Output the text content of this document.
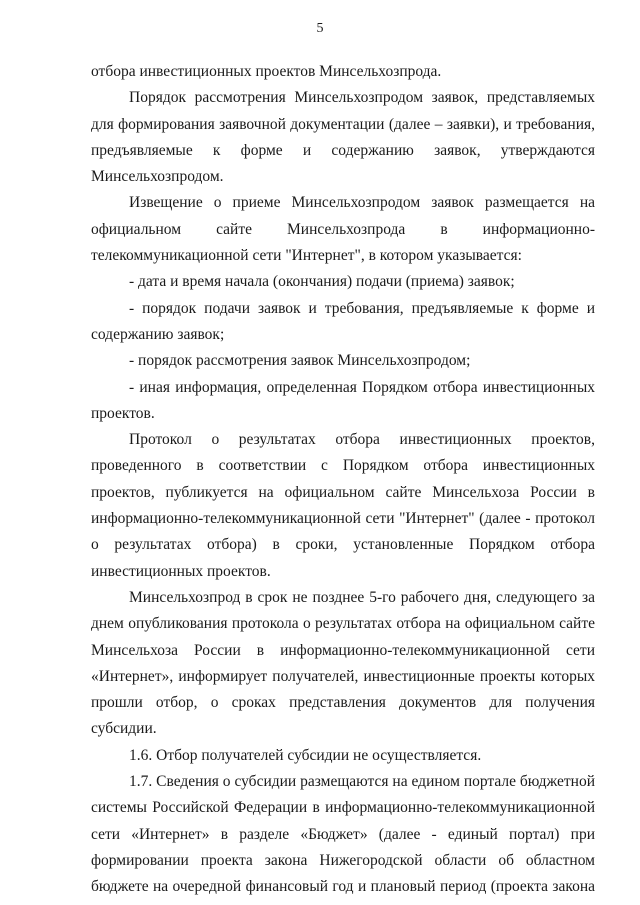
5

отбора инвестиционных проектов Минсельхозпрода.

Порядок рассмотрения Минсельхозпродом заявок, представляемых для формирования заявочной документации (далее – заявки), и требования, предъявляемые к форме и содержанию заявок, утверждаются Минсельхозпродом.

Извещение о приеме Минсельхозпродом заявок размещается на официальном сайте Минсельхозпрода в информационно-телекоммуникационной сети "Интернет", в котором указывается:

- дата и время начала (окончания) подачи (приема) заявок;

- порядок подачи заявок и требования, предъявляемые к форме и содержанию заявок;

- порядок рассмотрения заявок Минсельхозпродом;

- иная информация, определенная Порядком отбора инвестиционных проектов.

Протокол о результатах отбора инвестиционных проектов, проведенного в соответствии с Порядком отбора инвестиционных проектов, публикуется на официальном сайте Минсельхоза России в информационно-телекоммуникационной сети "Интернет" (далее - протокол о результатах отбора) в сроки, установленные Порядком отбора инвестиционных проектов.

Минсельхозпрод в срок не позднее 5-го рабочего дня, следующего за днем опубликования протокола о результатах отбора на официальном сайте Минсельхоза России в информационно-телекоммуникационной сети «Интернет», информирует получателей, инвестиционные проекты которых прошли отбор, о сроках представления документов для получения субсидии.

1.6. Отбор получателей субсидии не осуществляется.

1.7. Сведения о субсидии размещаются на едином портале бюджетной системы Российской Федерации в информационно-телекоммуникационной сети «Интернет» в разделе «Бюджет» (далее - единый портал) при формировании проекта закона Нижегородской области об областном бюджете на очередной финансовый год и плановый период (проекта закона
